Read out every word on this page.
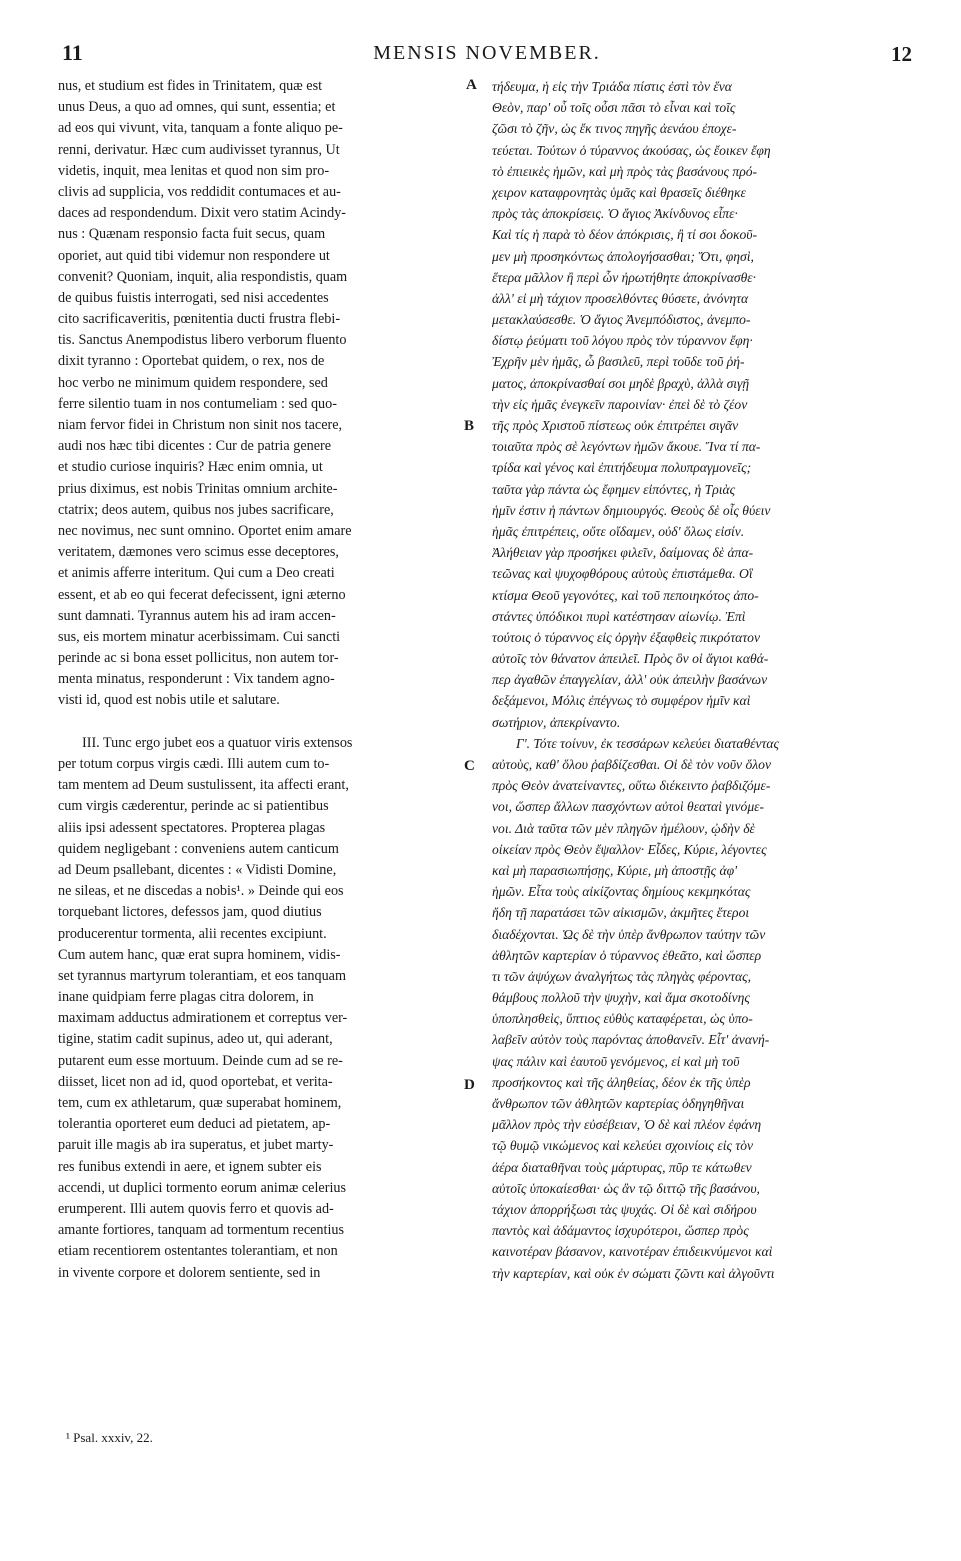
11	MENSIS NOVEMBER.	12
nus, et studium est fides in Trinitatem, quæ est
unus Deus, a quo ad omnes, qui sunt, essentia; et
ad eos qui vivunt, vita, tanquam a fonte aliquo pe-
renni, derivatur. Hæc cum audivisset tyrannus, Ut
videtis, inquit, mea lenitas et quod non sim pro-
clivis ad supplicia, vos reddidit contumaces et au-
daces ad respondendum. Dixit vero statim Acindy-
nus : Quænam responsio facta fuit secus, quam
oporiet, aut quid tibi videmur non respondere ut
convenit? Quoniam, inquit, alia respondistis, quam
de quibus fuistis interrogati, sed nisi accedentes
cito sacrificaveritis, pœnitentia ducti frustra flebi-
tis. Sanctus Anempodistus libero verborum fluento
dixit tyranno : Oportebat quidem, o rex, nos de
hoc verbo ne minimum quidem respondere, sed
ferre silentio tuam in nos contumeliam : sed quo-
niam fervor fidei in Christum non sinit nos tacere,
audi nos hæc tibi dicentes : Cur de patria genere
et studio curiose inquiris? Hæc enim omnia, ut
prius diximus, est nobis Trinitas omnium archite-
ctatrix; deos autem, quibus nos jubes sacrificare,
nec novimus, nec sunt omnino. Oportet enim amare
veritatem, dæmones vero scimus esse deceptores,
et animis afferre interitum. Qui cum a Deo creati
essent, et ab eo qui fecerat defecissent, igni æterno
sunt damnati. Tyrannus autem his ad iram accen-
sus, eis mortem minatur acerbissimam. Cui sancti
perinde ac si bona esset pollicitus, non autem tor-
menta minatus, responderunt : Vix tandem agno-
visti id, quod est nobis utile et salutare.
III. Tunc ergo jubet eos a quatuor viris extensos
per totum corpus virgis cædi. Illi autem cum to-
tam mentem ad Deum sustulissent, ita affecti erant,
cum virgis cæderentur, perinde ac si patientibus
aliis ipsi adessent spectatores. Propterea plagas
quidem negligebant : conveniens autem canticum
ad Deum psallebant, dicentes : « Vidisti Domine,
ne sileas, et ne discedas a nobis¹. » Deinde qui eos
torquebant lictores, defessos jam, quod diutius
producerentur tormenta, alii recentes excipiunt.
Cum autem hanc, quæ erat supra hominem, vidis-
set tyrannus martyrum tolerantiam, et eos tanquam
inane quidpiam ferre plagas citra dolorem, in
maximam adductus admirationem et correptus ver-
tigine, statim cadit supinus, adeo ut, qui aderant,
putarent eum esse mortuum. Deinde cum ad se re-
diisset, licet non ad id, quod oportebat, et verita-
tem, cum ex athletarum, quæ superabat hominem,
tolerantia oporteret eum deduci ad pietatem, ap-
paruit ille magis ab ira superatus, et jubet marty-
res funibus extendi in aere, et ignem subter eis
accendi, ut duplici tormento eorum animæ celerius
erumperent. Illi autem quovis ferro et quovis ad-
amante fortiores, tanquam ad tormentum recentius
etiam recentiorem ostentantes tolerantiam, et non
in vivente corpore et dolorem sentiente, sed in
A
B
C
D
τήδευμα, ἡ εἰς τὴν Τριάδα πίστις ἐστὶ τὸν ἕνα
Θεὸν, παρ' οὗ τοῖς οὖσι πᾶσι τὸ εἶναι καὶ τοῖς
ζῶσι τὸ ζῆν, ὡς ἔκ τινος πηγῆς ἀενάου ἐποχε-
τεύεται. Τούτων ὁ τύραννος ἀκούσας, ὡς ἔοικεν ἔφη
τὸ ἐπιεικὲς ἡμῶν, καὶ μὴ πρὸς τὰς βασάνους πρό-
χειρον καταφρονητὰς ὑμᾶς καὶ θρασεῖς διέθηκε
πρὸς τὰς ἀποκρίσεις. Ὁ ἅγιος Ἀκίνδυνος εἶπε·
Καὶ τίς ἡ παρὰ τὸ δέον ἀπόκρισις, ἢ τί σοι δοκοῦ-
μεν μὴ προσηκόντως ἀπολογήσασθαι; Ὅτι, φησὶ,
ἕτερα μᾶλλον ἢ περὶ ὧν ἠρωτήθητε ἀποκρίνασθε·
ἀλλ' εἰ μὴ τάχιον προσελθόντες θύσετε, ἀνόνητα
μετακλαύσεσθε. Ὁ ἅγιος Ἀνεμπόδιστος, ἀνεμπο-
δίστῳ ῥεύματι τοῦ λόγου πρὸς τὸν τύραννον ἔφη·
Ἐχρῆν μὲν ἡμᾶς, ὦ βασιλεῦ, περὶ τοῦδε τοῦ ῥή-
ματος, ἀποκρίνασθαί σοι μηδὲ βραχὺ, ἀλλὰ σιγῇ
τὴν εἰς ἡμᾶς ἐνεγκεῖν παροινίαν· ἐπεὶ δὲ τὸ ζέον
τῆς πρὸς Χριστοῦ πίστεως οὐκ ἐπιτρέπει σιγᾶν
τοιαῦτα πρὸς σὲ λεγόντων ἡμῶν ἄκουε. Ἵνα τί πα-
τρίδα καὶ γένος καὶ ἐπιτήδευμα πολυπραγμονεῖς;
ταῦτα γὰρ πάντα ὡς ἔφημεν εἰπόντες, ἡ Τριὰς
ἡμῖν ἐστιν ἡ πάντων δημιουργός. Θεοὺς δὲ οἷς θύειν
ἡμᾶς ἐπιτρέπεις, οὔτε οἴδαμεν, οὐδ' ὅλως εἰσίν.
Ἀλήθειαν γὰρ προσήκει φιλεῖν, δαίμονας δὲ ἀπα-
τεῶνας καὶ ψυχοφθόρους αὐτοὺς ἐπιστάμεθα. Οἳ
κτίσμα Θεοῦ γεγονότες, καὶ τοῦ πεποιηκότος ἀπο-
στάντες ὑπόδικοι πυρὶ κατέστησαν αἰωνίῳ. Ἐπὶ
τούτοις ὁ τύραννος εἰς ὀργὴν ἐξαφθεὶς πικρότατον
αὐτοῖς τὸν θάνατον ἀπειλεῖ. Πρὸς ὃν οἱ ἅγιοι καθά-
περ ἀγαθῶν ἐπαγγελίαν, ἀλλ' οὐκ ἀπειλὴν βασάνων
δεξάμενοι, Μόλις ἐπέγνως τὸ συμφέρον ἡμῖν καὶ
σωτήριον, ἀπεκρίναντο.
Γ'. Τότε τοίνυν, ἐκ τεσσάρων κελεύει διαταθέντας
αὐτοὺς, καθ' ὅλου ῥαβδίζεσθαι. Οἱ δὲ τὸν νοῦν ὅλον
πρὸς Θεὸν ἀνατείναντες, οὕτω διέκειντο ῥαβδιζόμε-
νοι, ὥσπερ ἄλλων πασχόντων αὐτοὶ θεαταὶ γινόμε-
νοι. Διὰ ταῦτα τῶν μὲν πληγῶν ἠμέλουν, ᾠδὴν δὲ
οἰκείαν πρὸς Θεὸν ἔψαλλον· Εἶδες, Κύριε, λέγοντες
καὶ μὴ παρασιωπήσῃς, Κύριε, μὴ ἀποστῇς ἀφ'
ἡμῶν. Εἶτα τοὺς αἰκίζοντας δημίους κεκμηκότας
ἤδη τῇ παρατάσει τῶν αἰκισμῶν, ἀκμῆτες ἕτεροι
διαδέχονται. Ὡς δὲ τὴν ὑπὲρ ἄνθρωπον ταύτην τῶν
ἀθλητῶν καρτερίαν ὁ τύραννος ἐθεᾶτο, καὶ ὥσπερ
τι τῶν ἀψύχων ἀναλγήτως τὰς πληγὰς φέροντας,
θάμβους πολλοῦ τὴν ψυχὴν, καὶ ἅμα σκοτοδίνης
ὑποπλησθεὶς, ὕπτιος εὐθὺς καταφέρεται, ὡς ὑπο-
λαβεῖν αὐτὸν τοὺς παρόντας ἀποθανεῖν. Εἶτ' ἀνανή-
ψας πάλιν καὶ ἑαυτοῦ γενόμενος, εἰ καὶ μὴ τοῦ
προσήκοντος καὶ τῆς ἀληθείας, δέον ἐκ τῆς ὑπὲρ
ἄνθρωπον τῶν ἀθλητῶν καρτερίας ὁδηγηθῆναι
μᾶλλον πρὸς τὴν εὐσέβειαν, Ὁ δὲ καὶ πλέον ἐφάνη
τῷ θυμῷ νικώμενος καὶ κελεύει σχοινίοις εἰς τὸν
ἀέρα διαταθῆναι τοὺς μάρτυρας, πῦρ τε κάτωθεν
αὐτοῖς ὑποκαίεσθαι· ὡς ἂν τῷ διττῷ τῆς βασάνου,
τάχιον ἀπορρήξωσι τὰς ψυχάς. Οἱ δὲ καὶ σιδήρου
παντὸς καὶ ἀδάμαντος ἰσχυρότεροι, ὥσπερ πρὸς
καινοτέραν βάσανον, καινοτέραν ἐπιδεικνύμενοι καὶ
τὴν καρτερίαν, καὶ οὐκ ἐν σώματι ζῶντι καὶ ἀλγοῦντι
¹ Psal. xxxiv, 22.
